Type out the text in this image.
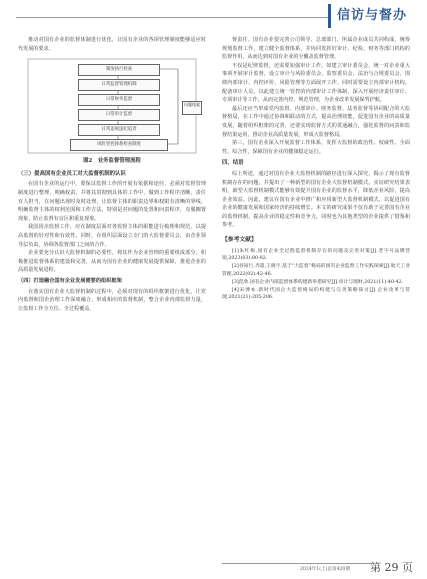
信访与督办

推动对国有企业的监督体制进行优化，让国有企业的各项管理制度能够适应时代发展的要求。

制度执行检查
日常监督管理机制
日常财务监督
日常审计监督
日常违规违纪追责
风险管控体系检查制度
问题线索
图2　业务监督管理流程
（三）提高国有企业员工对大监督机制的认识

在国有企业的运行中，要保证监督工作的开展有依据和途径，必须对监督管理制度进行整理，明确权责，并将其贯彻到具体的工作中，做到工作程序清晰，责任有人担当，在问题出现时及时处理，让监督主体的职责边界和权限有清晰的界线，明确监督主体的权利范围和工作方法，特别是对问题的处置和问责程序，克服搁置现象，防止监督有盲区和重复现象。

我国国企监督工作，应在制度层面对各监督主体的职能进行梳理和规范，以提高监督的针对性和有效性，同时，在组织层面设立专门的大监督委员会，由企业领导层负责，协调各监督部门之间的合作。

企业要充分认识大监督机制的必要性，将其作为企业管理的重要组成部分，积极推进监督体系的建设和完善，从而为国有企业的健康发展提供保障，推进企业的高质量发展进程。

（四）打造融合国有企业发展需要的组织框架

在落实国有企业大监督机制的过程中，必须对现有的组织框架进行优化，让党内监督和国企治理工作深度融合，形成相应的监督机制，整合企业内部监督力量，让监督工作全方位、全过程覆盖。

督责任。国有企业要完善公司领导、总部部门、所属企业成员共同构成，统筹规划监督工作，建立健全监督体系，并协同发挥好审计、纪检、财务等部门机构的监督作用，从而达到对国有企业的全覆盖监督管理。

不仅是纪律监督，还需要加强审计工作，如建立审计委员会，统一对企业重大事项开展审计监督，设立审计与风险委员会、监察委员会、法治与合规委员会，围绕内部审计、内控评价、风险管理等方面展开工作。同时需要设立内部审计机构、配备审计人员，以此建立统一管控的内部审计工作体制，深入开展经济责任审计、专项审计等工作，从而完善内控、规范管理，为企业改革发展保驾护航。

最后还应当形成党内监督、内部审计、财务监督、法务监督等协同配合的大监督格局，在工作中通过协调和联动的方式，提高治理效能，促进国有企业的高质量发展。随着组织框架的完善，还要实现监督方式的贯通融合，强化监督的问责和监督结果运用，推动企业高质量发展，形成大监督格局。

第三，国有企业深入开展监督工作体系，发挥大监督的政治性、权威性、全面性、综合性，保障国有企业的健康稳定运行。

四、结语

综上所述，通过对国有企业大监督机制的路径进行深入探究，揭示了现有监督机制存在的问题，并提出了一种新型的国有企业大监督机制模式。实证研究结果表明，新型大监督机制模式能够有效提升国有企业的监督水平，降低企业风险，提高企业效益。因此，建议在国有企业中推广和应用新型大监督机制模式，以促进国有企业的健康发展和国家经济的持续增长。本文的研究成果不仅有助于完善国有企业的监督机制，提高企业的稳定性和竞争力，同时也为其他类型的企业提供了借鉴和参考。

【参考文献】

[1]朱红梅.国有企业全过程监督机制存在的问题及完善对策[J].老字号品牌营销,2023(03):80-82.

[2]谷知行,齐超,王晓宇,基于“大监督”格局的国有企业监督工作实践探索[J].航天工业管理,2022(02):42-46.

[3]范欣.国有企业内部监督体系构建新举措研究[J].审计与理财,2021(11):40-42.

[4]宋博本.新时代国企大监督格局的构建与完善策略探讨[J].企业改革与管理,2021(21):205-206.

2024年1(上)总第420期 第 29 页
